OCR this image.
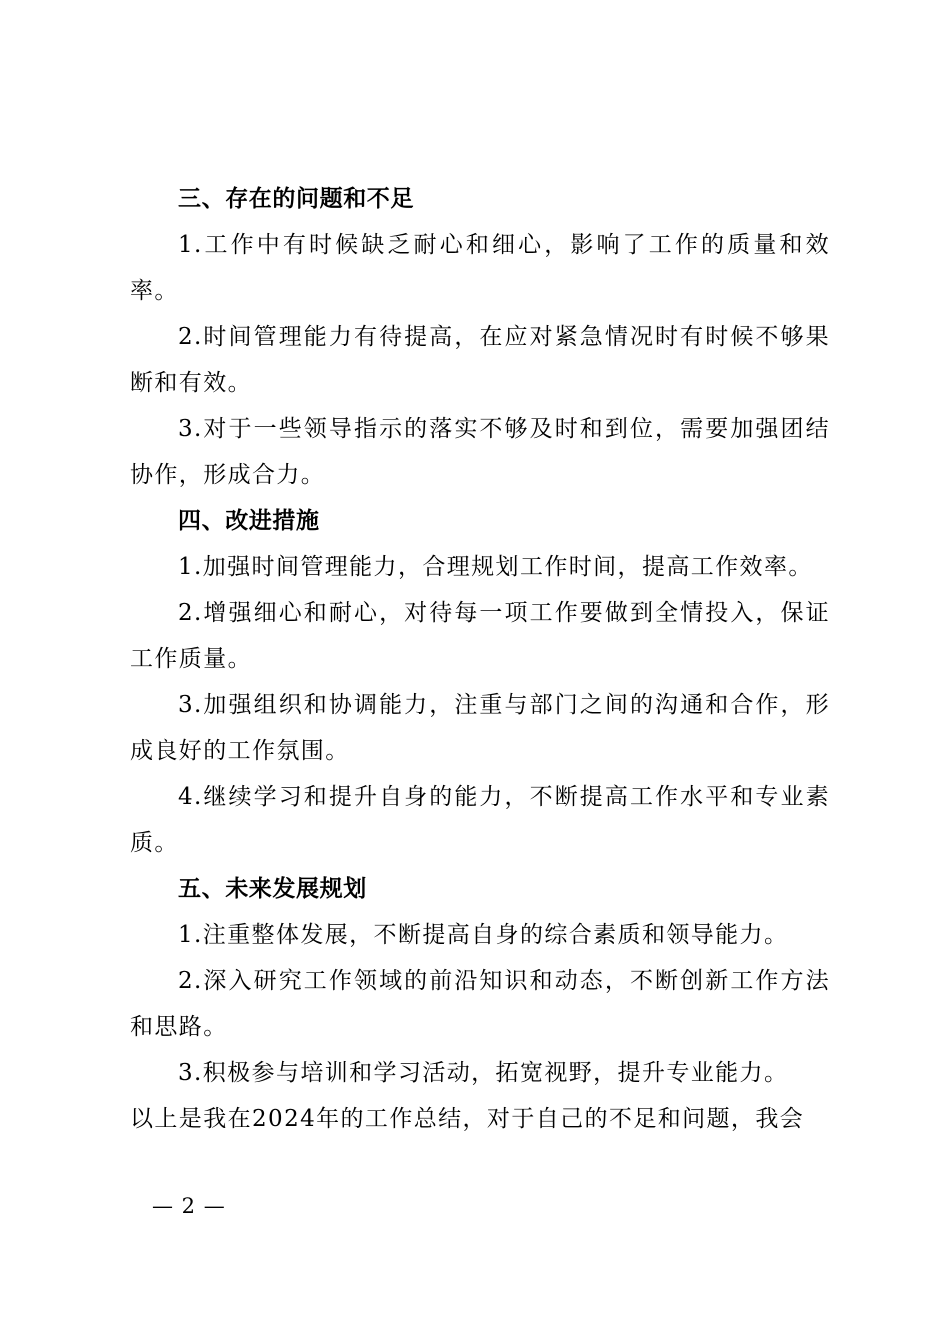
三、存在的问题和不足

1.工作中有时候缺乏耐心和细心，影响了工作的质量和效率。

2.时间管理能力有待提高，在应对紧急情况时有时候不够果断和有效。

3.对于一些领导指示的落实不够及时和到位，需要加强团结协作，形成合力。

四、改进措施

1.加强时间管理能力，合理规划工作时间，提高工作效率。

2.增强细心和耐心，对待每一项工作要做到全情投入，保证工作质量。

3.加强组织和协调能力，注重与部门之间的沟通和合作，形成良好的工作氛围。

4.继续学习和提升自身的能力，不断提高工作水平和专业素质。

五、未来发展规划

1.注重整体发展，不断提高自身的综合素质和领导能力。

2.深入研究工作领域的前沿知识和动态，不断创新工作方法和思路。

3.积极参与培训和学习活动，拓宽视野，提升专业能力。

以上是我在2024年的工作总结，对于自己的不足和问题，我会

— 2 —
